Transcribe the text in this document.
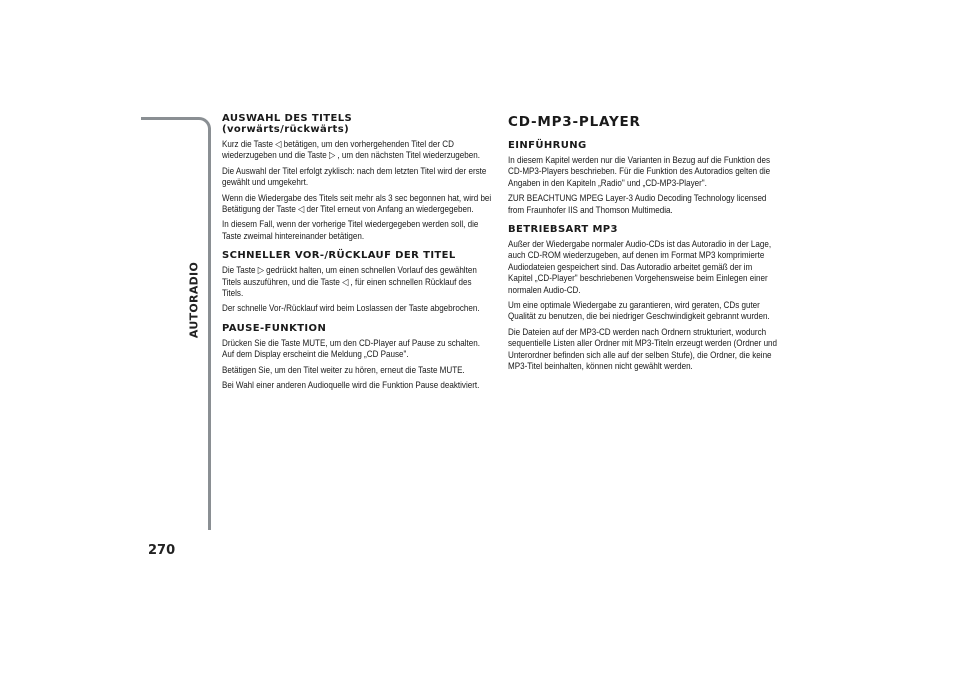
AUTORADIO
270
AUSWAHL DES TITELS
(vorwärts/rückwärts)

Kurz die Taste ◁ betätigen, um den vorhergehenden Titel der CD wiederzugeben und die Taste ▷ , um den nächsten Titel wiederzugeben.

Die Auswahl der Titel erfolgt zyklisch: nach dem letzten Titel wird der erste gewählt und umgekehrt.

Wenn die Wiedergabe des Titels seit mehr als 3 sec begonnen hat, wird bei Betätigung der Taste ◁ der Titel erneut von Anfang an wiedergegeben.

In diesem Fall, wenn der vorherige Titel wiedergegeben werden soll, die Taste zweimal hintereinander betätigen.

SCHNELLER VOR-/RÜCKLAUF DER TITEL

Die Taste ▷ gedrückt halten, um einen schnellen Vorlauf des gewählten Titels auszuführen, und die Taste ◁ , für einen schnellen Rücklauf des Titels.

Der schnelle Vor-/Rücklauf wird beim Loslassen der Taste abgebrochen.

PAUSE-FUNKTION

Drücken Sie die Taste MUTE, um den CD-Player auf Pause zu schalten. Auf dem Display erscheint die Meldung „CD Pause".

Betätigen Sie, um den Titel weiter zu hören, erneut die Taste MUTE.

Bei Wahl einer anderen Audioquelle wird die Funktion Pause deaktiviert.

CD-MP3-PLAYER
EINFÜHRUNG

In diesem Kapitel werden nur die Varianten in Bezug auf die Funktion des CD-MP3-Players beschrieben. Für die Funktion des Autoradios gelten die Angaben in den Kapiteln „Radio" und „CD-MP3-Player".

ZUR BEACHTUNG MPEG Layer-3 Audio Decoding Technology licensed from Fraunhofer IIS and Thomson Multimedia.

BETRIEBSART MP3

Außer der Wiedergabe normaler Audio-CDs ist das Autoradio in der Lage, auch CD-ROM wiederzugeben, auf denen im Format MP3 komprimierte Audiodateien gespeichert sind. Das Autoradio arbeitet gemäß der im Kapitel „CD-Player" beschriebenen Vorgehensweise beim Einlegen einer normalen Audio-CD.

Um eine optimale Wiedergabe zu garantieren, wird geraten, CDs guter Qualität zu benutzen, die bei niedriger Geschwindigkeit gebrannt wurden.

Die Dateien auf der MP3-CD werden nach Ordnern strukturiert, wodurch sequentielle Listen aller Ordner mit MP3-Titeln erzeugt werden (Ordner und Unterordner befinden sich alle auf der selben Stufe), die Ordner, die keine MP3-Titel beinhalten, können nicht gewählt werden.
